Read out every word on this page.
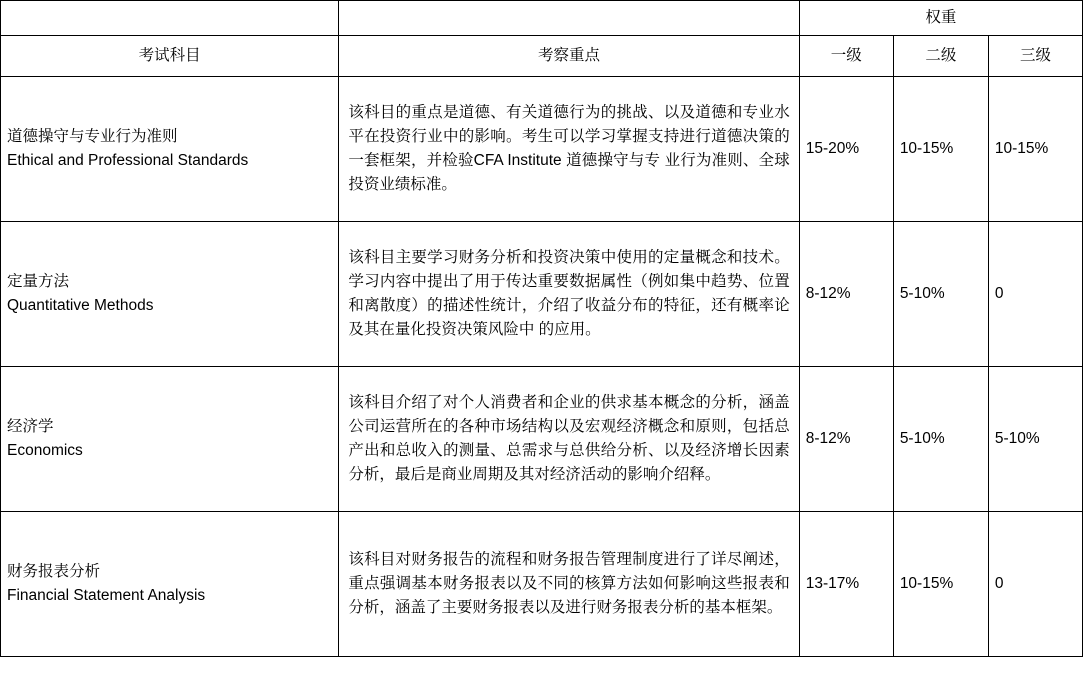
		权重		
考试科目	考察重点	一级	二级	三级

道德操守与专业行为准则
Ethical and Professional Standards	该科目的重点是道德、有关道德行为的挑战、以及道德和专业水平在投资行业中的影响。考生可以学习掌握支持进行道德决策的一套框架，并检验CFA Institute 道德操守与专 业行为准则、全球投资业绩标准。	15-20%	10-15%	10-15%

定量方法
Quantitative Methods	该科目主要学习财务分析和投资决策中使用的定量概念和技术。学习内容中提出了用于传达重要数据属性（例如集中趋势、位置和离散度）的描述性统计，介绍了收益分布的特征，还有概率论及其在量化投资决策风险中 的应用。	8-12%	5-10%	0

经济学
Economics	该科目介绍了对个人消费者和企业的供求基本概念的分析，涵盖公司运营所在的各种市场结构以及宏观经济概念和原则，包括总产出和总收入的测量、总需求与总供给分析、以及经济增长因素分析，最后是商业周期及其对经济活动的影响介绍释。	8-12%	5-10%	5-10%

财务报表分析
Financial Statement Analysis	该科目对财务报告的流程和财务报告管理制度进行了详尽阐述，重点强调基本财务报表以及不同的核算方法如何影响这些报表和分析，涵盖了主要财务报表以及进行财务报表分析的基本框架。	13-17%	10-15%	0
